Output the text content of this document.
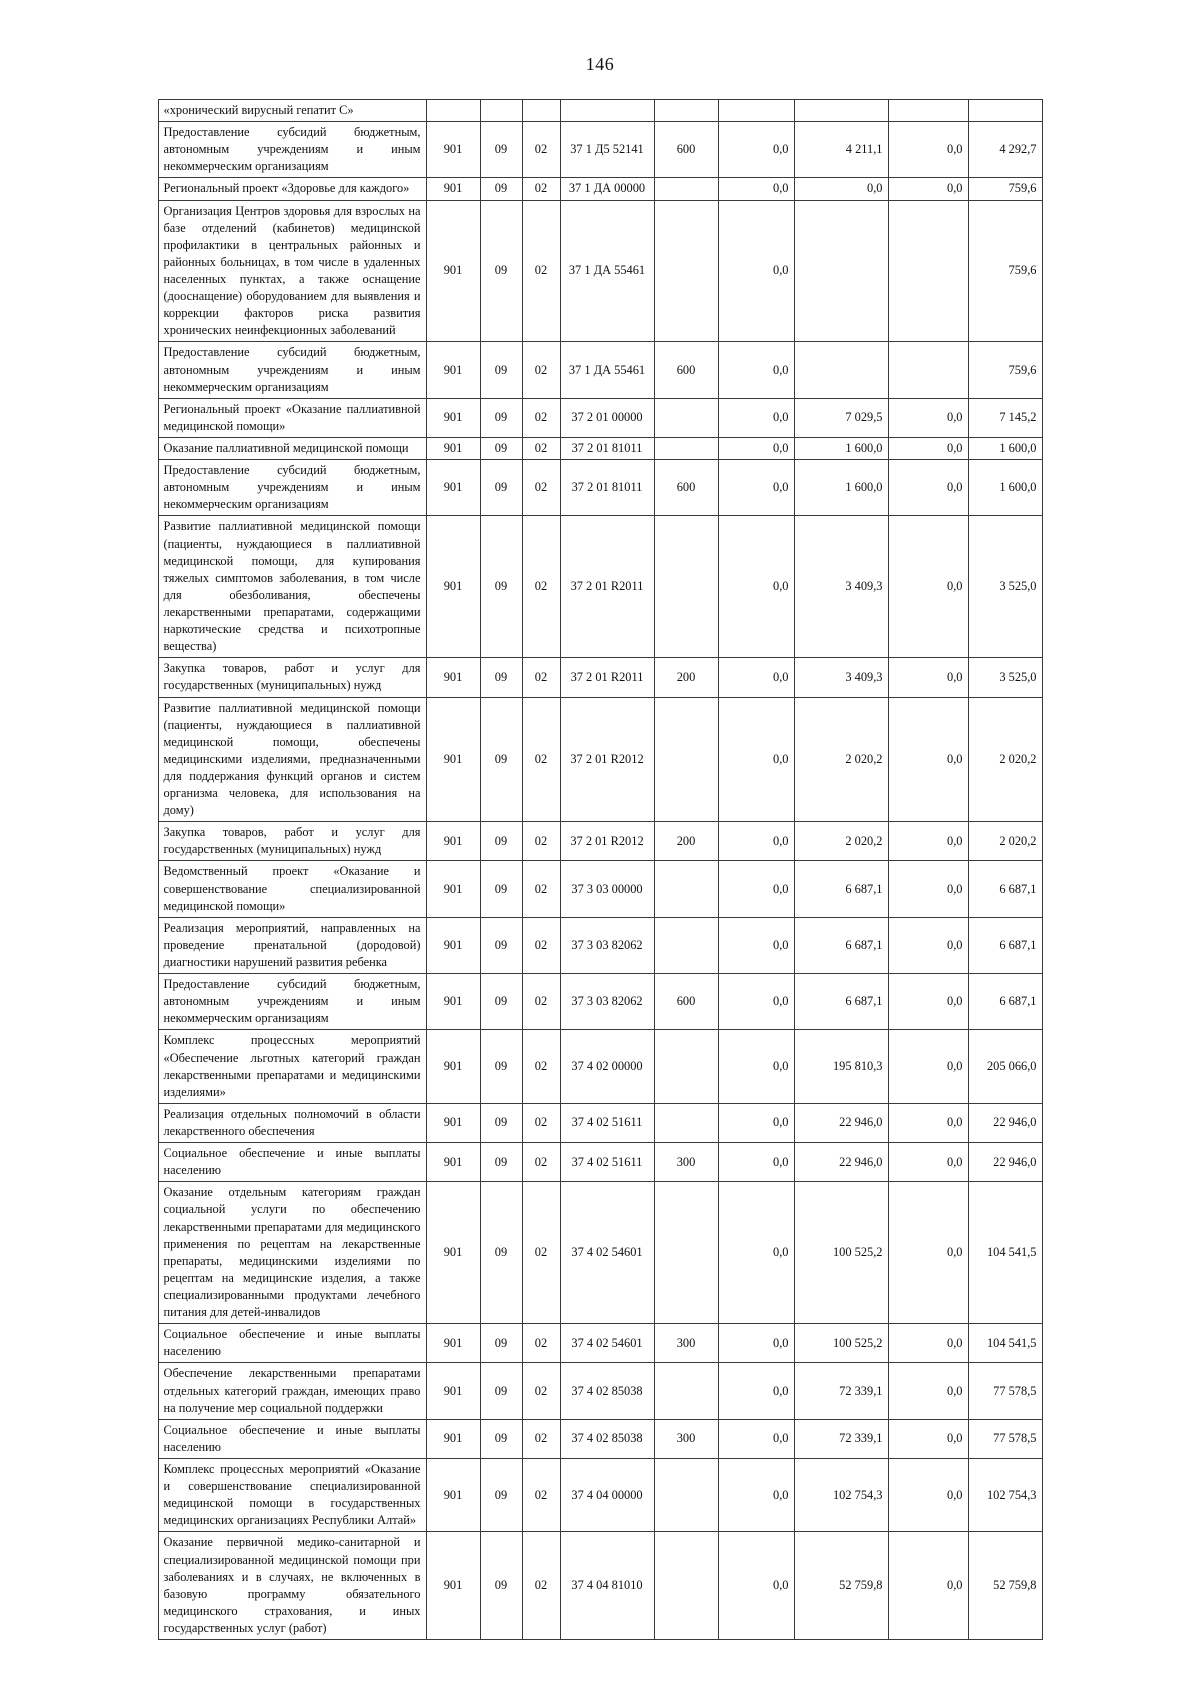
146
«хронический вирусный гепатит С»									
Предоставление субсидий бюджетным, автономным учреждениям и иным некоммерческим организациям	901	09	02	37 1 Д5 52141	600	0,0	4 211,1	0,0	4 292,7
Региональный проект «Здоровье для каждого»	901	09	02	37 1 ДА 00000		0,0	0,0	0,0	759,6
Организация Центров здоровья для взрослых на базе отделений (кабинетов) медицинской профилактики в центральных районных и районных больницах, в том числе в удаленных населенных пунктах, а также оснащение (дооснащение) оборудованием для выявления и коррекции факторов риска развития хронических неинфекционных заболеваний	901	09	02	37 1 ДА 55461		0,0			759,6
Предоставление субсидий бюджетным, автономным учреждениям и иным некоммерческим организациям	901	09	02	37 1 ДА 55461	600	0,0			759,6
Региональный проект «Оказание паллиативной медицинской помощи»	901	09	02	37 2 01 00000		0,0	7 029,5	0,0	7 145,2
Оказание паллиативной медицинской помощи	901	09	02	37 2 01 81011		0,0	1 600,0	0,0	1 600,0
Предоставление субсидий бюджетным, автономным учреждениям и иным некоммерческим организациям	901	09	02	37 2 01 81011	600	0,0	1 600,0	0,0	1 600,0
Развитие паллиативной медицинской помощи (пациенты, нуждающиеся в паллиативной медицинской помощи, для купирования тяжелых симптомов заболевания, в том числе для обезболивания, обеспечены лекарственными препаратами, содержащими наркотические средства и психотропные вещества)	901	09	02	37 2 01 R2011		0,0	3 409,3	0,0	3 525,0
Закупка товаров, работ и услуг для государственных (муниципальных) нужд	901	09	02	37 2 01 R2011	200	0,0	3 409,3	0,0	3 525,0
Развитие паллиативной медицинской помощи (пациенты, нуждающиеся в паллиативной медицинской помощи, обеспечены медицинскими изделиями, предназначенными для поддержания функций органов и систем организма человека, для использования на дому)	901	09	02	37 2 01 R2012		0,0	2 020,2	0,0	2 020,2
Закупка товаров, работ и услуг для государственных (муниципальных) нужд	901	09	02	37 2 01 R2012	200	0,0	2 020,2	0,0	2 020,2
Ведомственный проект «Оказание и совершенствование специализированной медицинской помощи»	901	09	02	37 3 03 00000		0,0	6 687,1	0,0	6 687,1
Реализация мероприятий, направленных на проведение пренатальной (дородовой) диагностики нарушений развития ребенка	901	09	02	37 3 03 82062		0,0	6 687,1	0,0	6 687,1
Предоставление субсидий бюджетным, автономным учреждениям и иным некоммерческим организациям	901	09	02	37 3 03 82062	600	0,0	6 687,1	0,0	6 687,1
Комплекс процессных мероприятий «Обеспечение льготных категорий граждан лекарственными препаратами и медицинскими изделиями»	901	09	02	37 4 02 00000		0,0	195 810,3	0,0	205 066,0
Реализация отдельных полномочий в области лекарственного обеспечения	901	09	02	37 4 02 51611		0,0	22 946,0	0,0	22 946,0
Социальное обеспечение и иные выплаты населению	901	09	02	37 4 02 51611	300	0,0	22 946,0	0,0	22 946,0
Оказание отдельным категориям граждан социальной услуги по обеспечению лекарственными препаратами для медицинского применения по рецептам на лекарственные препараты, медицинскими изделиями по рецептам на медицинские изделия, а также специализированными продуктами лечебного питания для детей-инвалидов	901	09	02	37 4 02 54601		0,0	100 525,2	0,0	104 541,5
Социальное обеспечение и иные выплаты населению	901	09	02	37 4 02 54601	300	0,0	100 525,2	0,0	104 541,5
Обеспечение лекарственными препаратами отдельных категорий граждан, имеющих право на получение мер социальной поддержки	901	09	02	37 4 02 85038		0,0	72 339,1	0,0	77 578,5
Социальное обеспечение и иные выплаты населению	901	09	02	37 4 02 85038	300	0,0	72 339,1	0,0	77 578,5
Комплекс процессных мероприятий «Оказание и совершенствование специализированной медицинской помощи в государственных медицинских организациях Республики Алтай»	901	09	02	37 4 04 00000		0,0	102 754,3	0,0	102 754,3
Оказание первичной медико-санитарной и специализированной медицинской помощи при заболеваниях и в случаях, не включенных в базовую программу обязательного медицинского страхования, и иных государственных услуг (работ)	901	09	02	37 4 04 81010		0,0	52 759,8	0,0	52 759,8
